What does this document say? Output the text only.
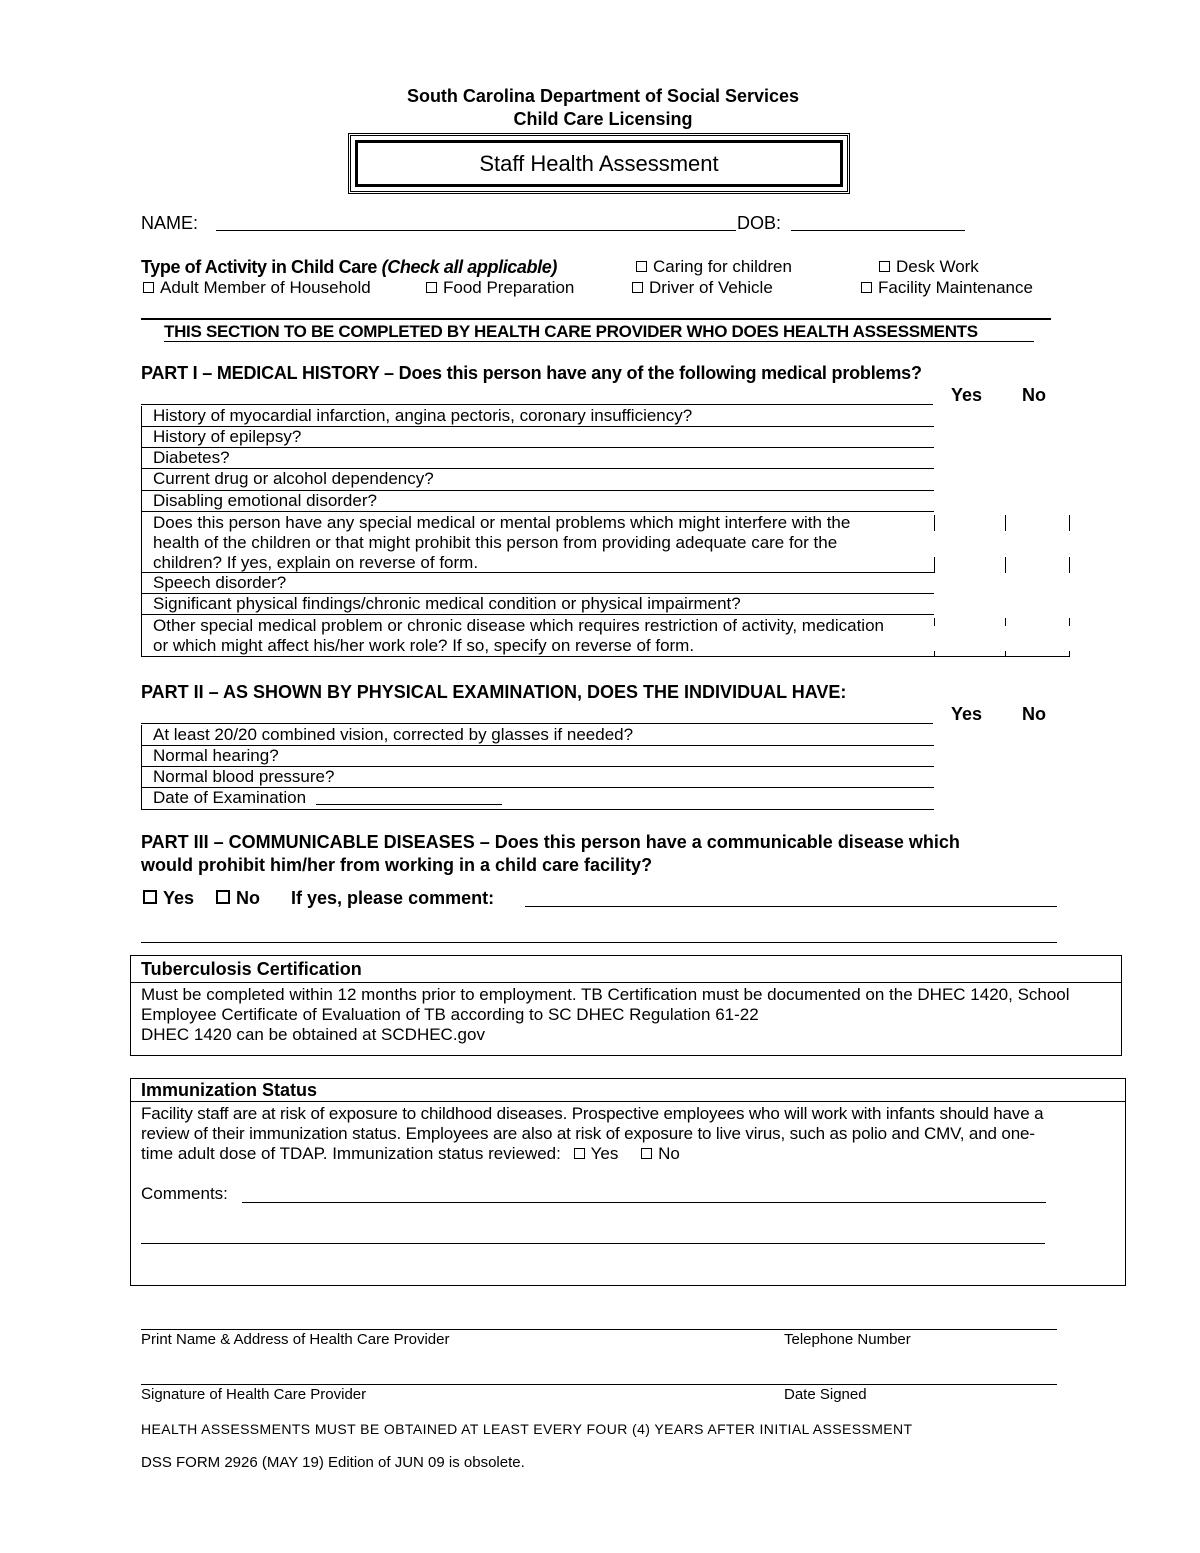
South Carolina Department of Social Services
Child Care Licensing
Staff Health Assessment
NAME:	DOB:
Type of Activity in Child Care (Check all applicable)	Caring for children	Desk Work
Adult Member of Household	Food Preparation	Driver of Vehicle	Facility Maintenance
THIS SECTION TO BE COMPLETED BY HEALTH CARE PROVIDER WHO DOES HEALTH ASSESSMENTS
PART I – MEDICAL HISTORY – Does this person have any of the following medical problems?
Yes No
History of myocardial infarction, angina pectoris, coronary insufficiency?
History of epilepsy?
Diabetes?
Current drug or alcohol dependency?
Disabling emotional disorder?
Does this person have any special medical or mental problems which might interfere with the
health of the children or that might prohibit this person from providing adequate care for the
children? If yes, explain on reverse of form.
Speech disorder?
Significant physical findings/chronic medical condition or physical impairment?
Other special medical problem or chronic disease which requires restriction of activity, medication
or which might affect his/her work role? If so, specify on reverse of form.
PART II – AS SHOWN BY PHYSICAL EXAMINATION, DOES THE INDIVIDUAL HAVE:
Yes No
At least 20/20 combined vision, corrected by glasses if needed?
Normal hearing?
Normal blood pressure?
Date of Examination
PART III – COMMUNICABLE DISEASES – Does this person have a communicable disease which
would prohibit him/her from working in a child care facility?
Yes	No If yes, please comment:
Tuberculosis Certification
Must be completed within 12 months prior to employment. TB Certification must be documented on the DHEC 1420, School
Employee Certificate of Evaluation of TB according to SC DHEC Regulation 61-22
DHEC 1420 can be obtained at SCDHEC.gov
Immunization Status
Facility staff are at risk of exposure to childhood diseases. Prospective employees who will work with infants should have a
review of their immunization status. Employees are also at risk of exposure to live virus, such as polio and CMV, and one-
time adult dose of TDAP. Immunization status reviewed: Yes No
Comments:
Print Name & Address of Health Care Provider	Telephone Number
Signature of Health Care Provider	Date Signed
HEALTH ASSESSMENTS MUST BE OBTAINED AT LEAST EVERY FOUR (4) YEARS AFTER INITIAL ASSESSMENT
DSS FORM 2926 (MAY 19) Edition of JUN 09 is obsolete.
